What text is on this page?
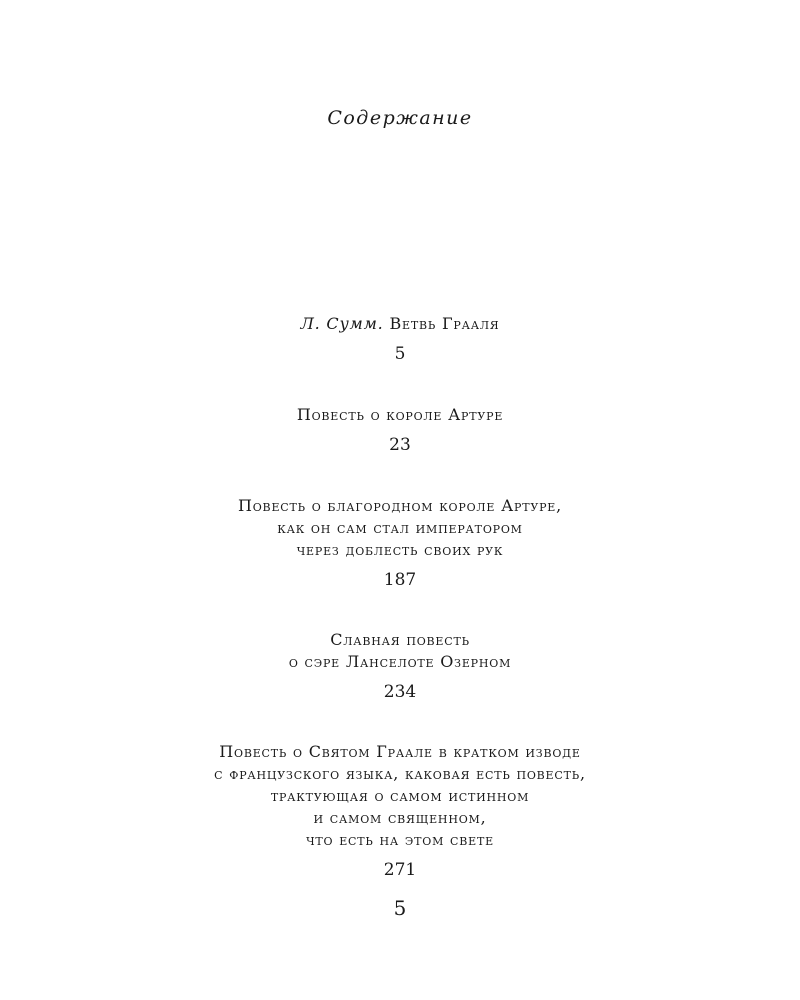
Содержание
Л. Сумм. Ветвь Грааля
5
Повесть о короле Артуре
23
Повесть о благородном короле Артуре,
как он сам стал императором
через доблесть своих рук
187
Славная повесть
о сэре Ланселоте Озерном
234
Повесть о Святом Граале в кратком изводе
с французского языка, каковая есть повесть,
трактующая о самом истинном
и самом священном,
что есть на этом свете
271
5
